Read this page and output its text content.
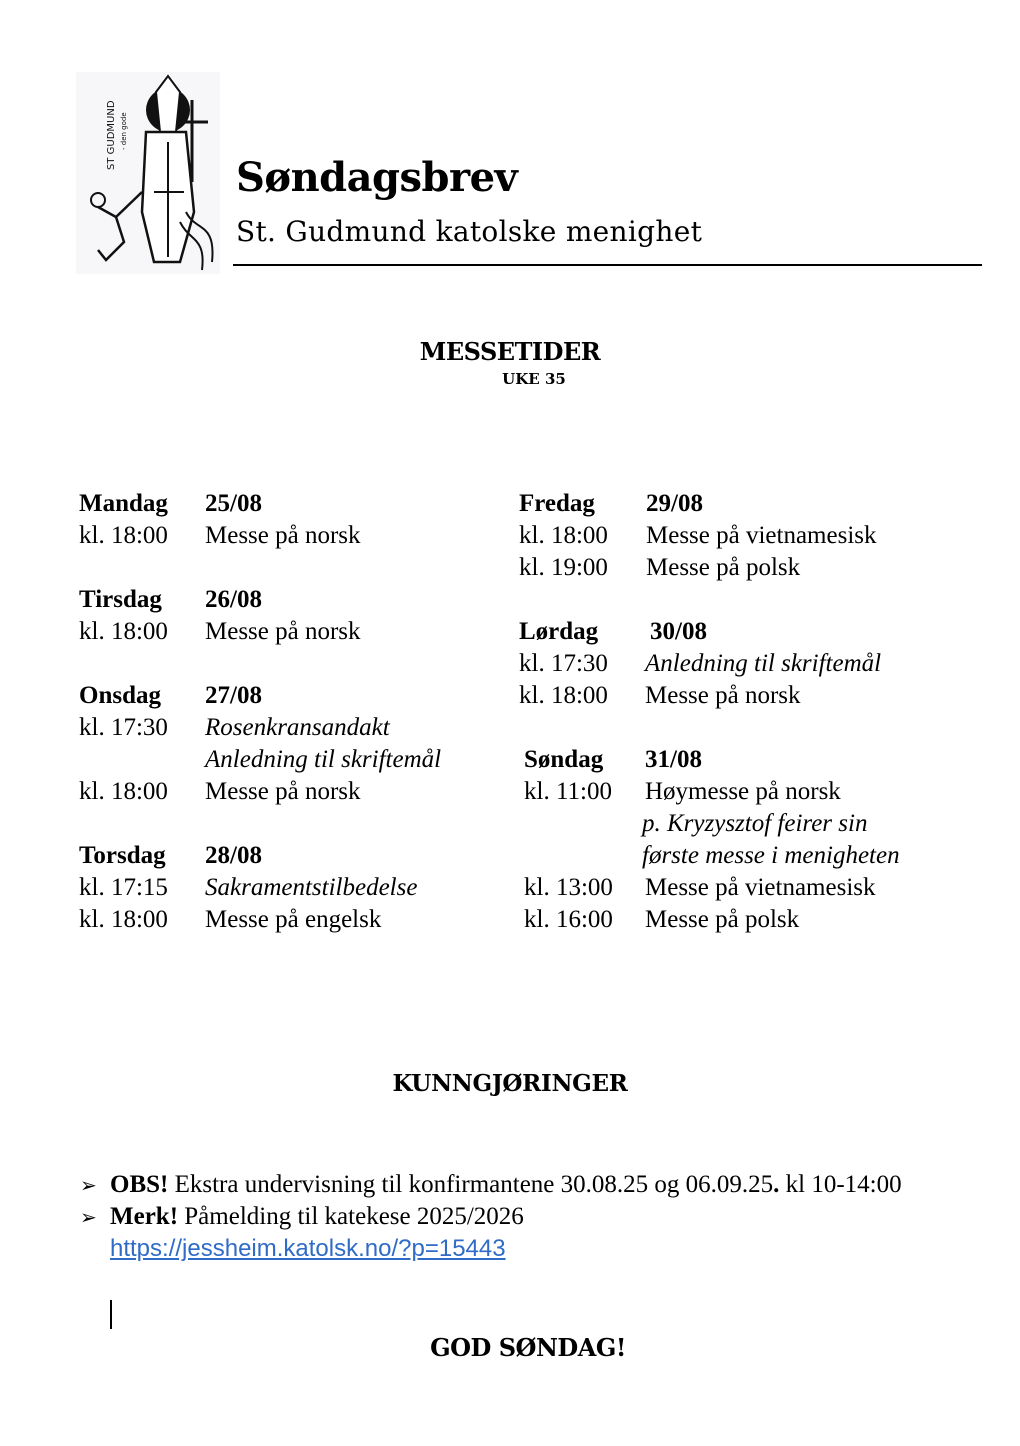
ST GUDMUND - den gode
Søndagsbrev
St. Gudmund katolske menighet
MESSETIDER
UKE 35
Mandag	25/08
kl. 18:00	Messe på norsk
Tirsdag	26/08
kl. 18:00	Messe på norsk
Onsdag	27/08
kl. 17:30	Rosenkransandakt
Anledning til skriftemål
kl. 18:00	Messe på norsk
Torsdag	28/08
kl. 17:15	Sakramentstilbedelse
kl. 18:00	Messe på engelsk
Fredag	29/08
kl. 18:00	Messe på vietnamesisk
kl. 19:00	Messe på polsk
Lørdag	30/08
kl. 17:30	Anledning til skriftemål
kl. 18:00	Messe på norsk
Søndag	31/08
kl. 11:00	Høymesse på norsk
p. Kryzysztof feirer sin
første messe i menigheten
kl. 13:00	Messe på vietnamesisk
kl. 16:00	Messe på polsk
KUNNGJØRINGER
➢ OBS! Ekstra undervisning til konfirmantene 30.08.25 og 06.09.25. kl 10-14:00
➢ Merk! Påmelding til katekese 2025/2026
https://jessheim.katolsk.no/?p=15443
GOD SØNDAG!
